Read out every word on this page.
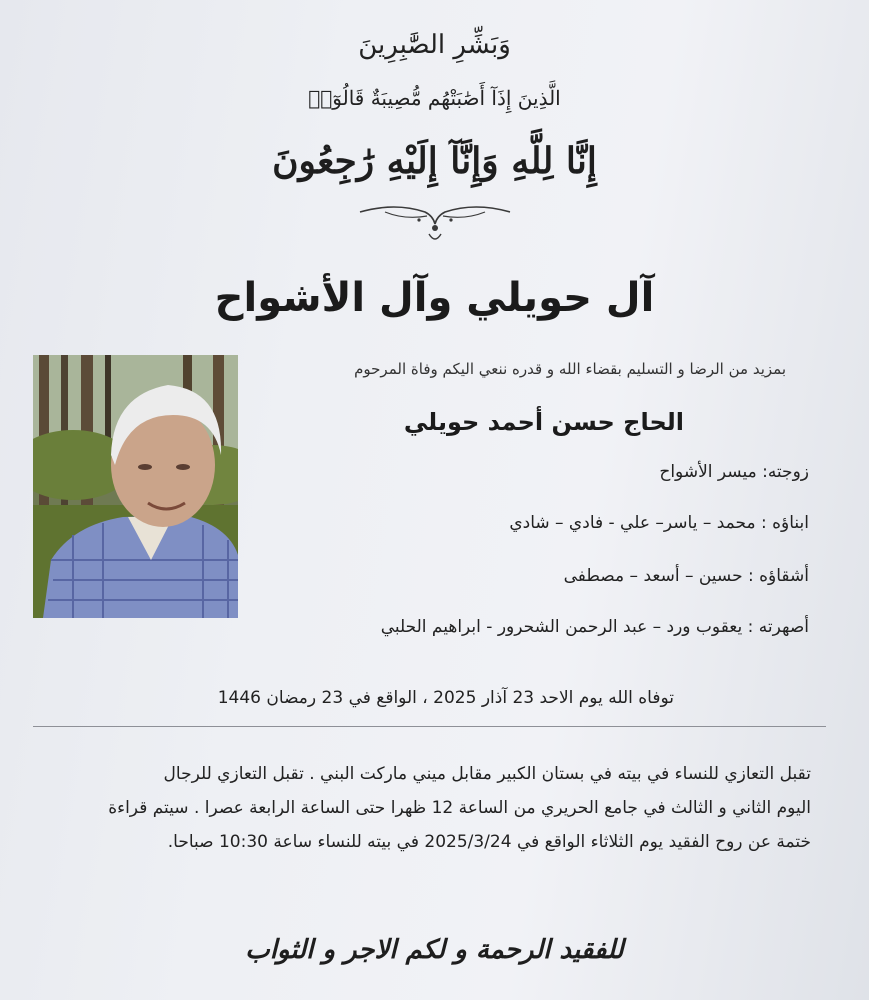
وَبَشِّرِ الصَّٰبِرِينَ
الَّذِينَ إِذَآ أَصَٰبَتْهُم مُّصِيبَةٌ قَالُوٓا۟
إِنَّا لِلَّهِ وَإِنَّآ إِلَيْهِ رَٰجِعُونَ
آل حويلي وآل الأشواح
بمزيد من الرضا و التسليم بقضاء الله و قدره ننعي اليكم وفاة المرحوم
الحاج حسن أحمد حويلي
زوجته: ميسر الأشواح
ابناؤه : محمد – ياسر– علي - فادي – شادي
أشقاؤه : حسين – أسعد – مصطفى
أصهرته : يعقوب ورد – عبد الرحمن الشحرور - ابراهيم الحلبي
توفاه الله يوم الاحد 23 آذار 2025 ، الواقع في 23 رمضان 1446
تقبل التعازي للنساء في بيته في بستان الكبير مقابل ميني ماركت البني . تقبل التعازي للرجال
اليوم الثاني و الثالث في جامع الحريري من الساعة 12 ظهرا حتى الساعة الرابعة عصرا . سيتم قراءة
ختمة عن روح الفقيد يوم الثلاثاء الواقع في 2025/3/24 في بيته للنساء ساعة 10:30 صباحا.
للفقيد الرحمة و لكم الاجر و الثواب
